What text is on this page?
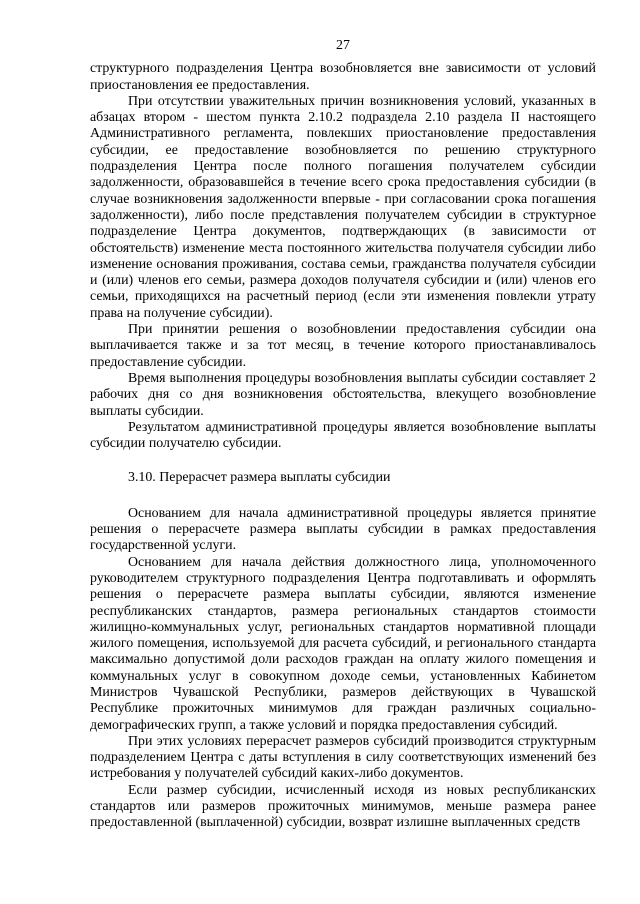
27

структурного подразделения Центра возобновляется вне зависимости от условий приостановления ее предоставления.

При отсутствии уважительных причин возникновения условий, указанных в абзацах втором - шестом пункта 2.10.2 подраздела 2.10 раздела II настоящего Административного регламента, повлекших приостановление предоставления субсидии, ее предоставление возобновляется по решению структурного подразделения Центра после полного погашения получателем субсидии задолженности, образовавшейся в течение всего срока предоставления субсидии (в случае возникновения задолженности впервые - при согласовании срока погашения задолженности), либо после представления получателем субсидии в структурное подразделение Центра документов, подтверждающих (в зависимости от обстоятельств) изменение места постоянного жительства получателя субсидии либо изменение основания проживания, состава семьи, гражданства получателя субсидии и (или) членов его семьи, размера доходов получателя субсидии и (или) членов его семьи, приходящихся на расчетный период (если эти изменения повлекли утрату права на получение субсидии).

При принятии решения о возобновлении предоставления субсидии она выплачивается также и за тот месяц, в течение которого приостанавливалось предоставление субсидии.

Время выполнения процедуры возобновления выплаты субсидии составляет 2 рабочих дня со дня возникновения обстоятельства, влекущего возобновление выплаты субсидии.

Результатом административной процедуры является возобновление выплаты субсидии получателю субсидии.

3.10. Перерасчет размера выплаты субсидии

Основанием для начала административной процедуры является принятие решения о перерасчете размера выплаты субсидии в рамках предоставления государственной услуги.

Основанием для начала действия должностного лица, уполномоченного руководителем структурного подразделения Центра подготавливать и оформлять решения о перерасчете размера выплаты субсидии, являются изменение республиканских стандартов, размера региональных стандартов стоимости жилищно-коммунальных услуг, региональных стандартов нормативной площади жилого помещения, используемой для расчета субсидий, и регионального стандарта максимально допустимой доли расходов граждан на оплату жилого помещения и коммунальных услуг в совокупном доходе семьи, установленных Кабинетом Министров Чувашской Республики, размеров действующих в Чувашской Республике прожиточных минимумов для граждан различных социально-демографических групп, а также условий и порядка предоставления субсидий.

При этих условиях перерасчет размеров субсидий производится структурным подразделением Центра с даты вступления в силу соответствующих изменений без истребования у получателей субсидий каких-либо документов.

Если размер субсидии, исчисленный исходя из новых республиканских стандартов или размеров прожиточных минимумов, меньше размера ранее предоставленной (выплаченной) субсидии, возврат излишне выплаченных средств
